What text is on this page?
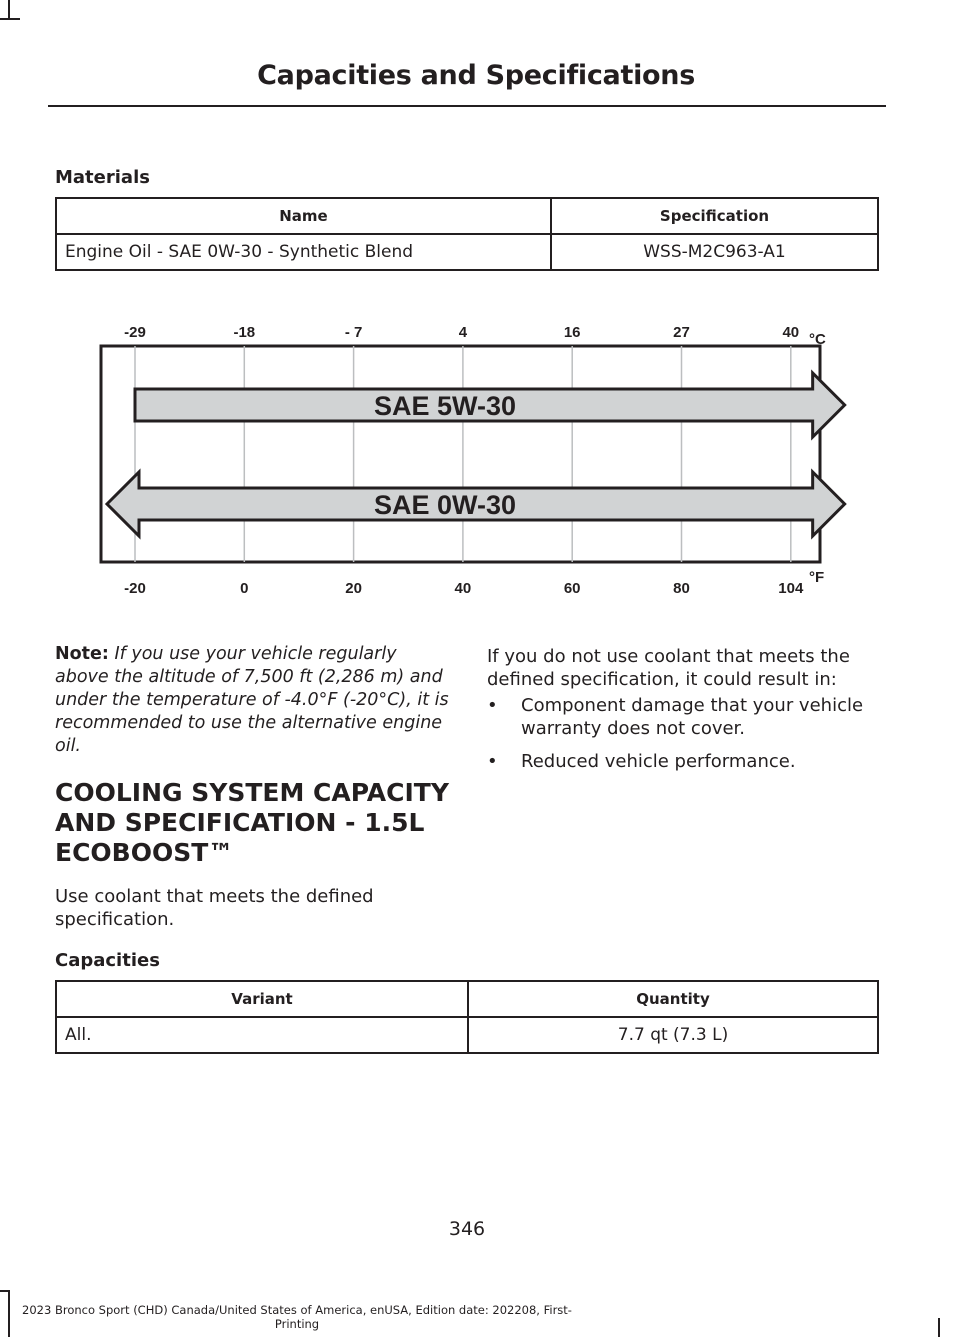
Capacities and Specifications
Materials
Name	Specification
Engine Oil - SAE 0W-30 - Synthetic Blend	WSS-M2C963-A1
-29	-18	- 7	4	16	27	40
-20	0	20	40	60	80	104
°C
°F
SAE 5W-30
SAE 0W-30
Note: If you use your vehicle regularly above the altitude of 7,500 ft (2,286 m) and under the temperature of -4.0°F (-20°C), it is recommended to use the alternative engine oil.
COOLING SYSTEM CAPACITY
AND SPECIFICATION - 1.5L
ECOBOOST™
Use coolant that meets the defined specification.
If you do not use coolant that meets the defined specification, it could result in:
• Component damage that your vehicle warranty does not cover.
• Reduced vehicle performance.
Capacities
Variant	Quantity
All.	7.7 qt (7.3 L)
346
2023 Bronco Sport (CHD) Canada/United States of America, enUSA, Edition date: 202208, First-Printing
